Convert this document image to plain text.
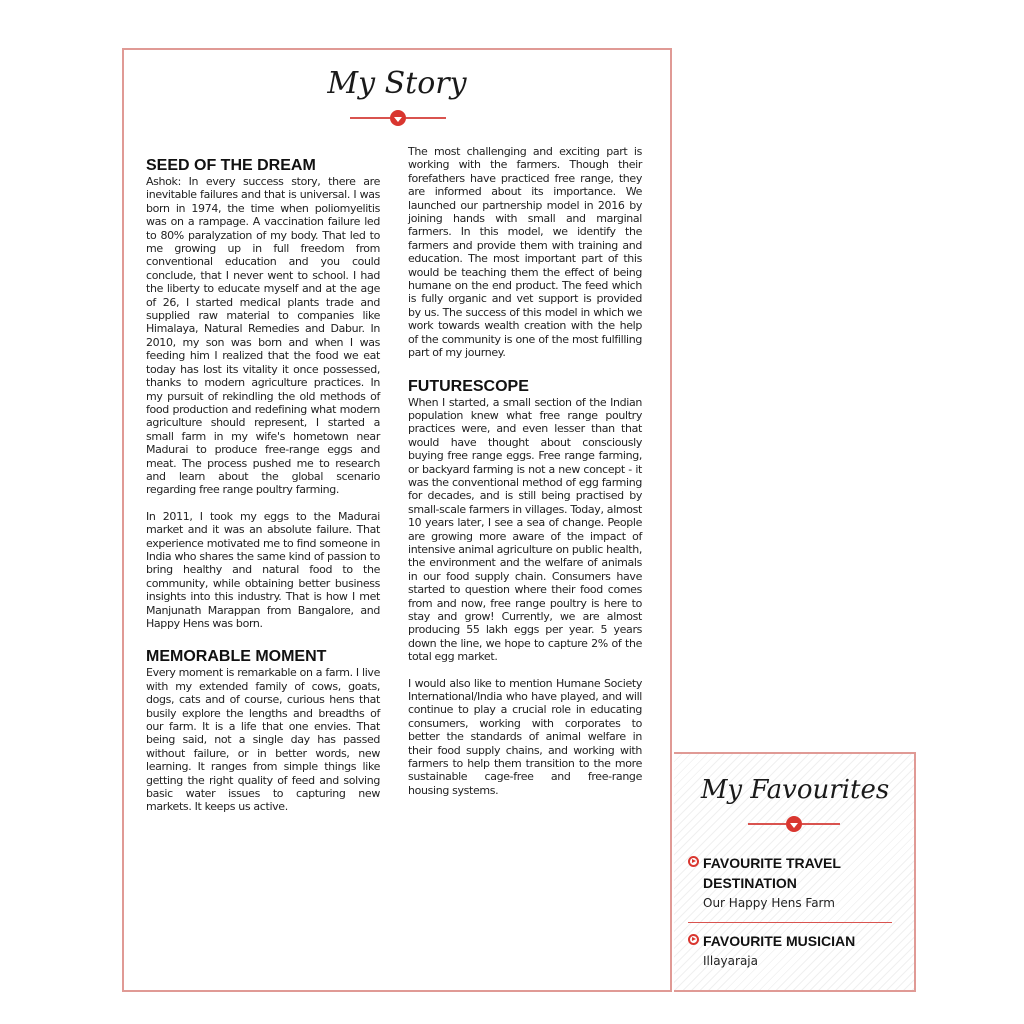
My Story
SEED OF THE DREAM

Ashok: In every success story, there are inevitable failures and that is universal. I was born in 1974, the time when poliomyelitis was on a rampage. A vaccination failure led to 80% paralyzation of my body. That led to me growing up in full freedom from conventional education and you could conclude, that I never went to school. I had the liberty to educate myself and at the age of 26, I started medical plants trade and supplied raw material to companies like Himalaya, Natural Remedies and Dabur. In 2010, my son was born and when I was feeding him I realized that the food we eat today has lost its vitality it once possessed, thanks to modern agriculture practices. In my pursuit of rekindling the old methods of food production and redefining what modern agriculture should represent, I started a small farm in my wife's hometown near Madurai to produce free-range eggs and meat. The process pushed me to research and learn about the global scenario regarding free range poultry farming.

In 2011, I took my eggs to the Madurai market and it was an absolute failure. That experience motivated me to find someone in India who shares the same kind of passion to bring healthy and natural food to the community, while obtaining better business insights into this industry. That is how I met Manjunath Marappan from Bangalore, and Happy Hens was born.

MEMORABLE MOMENT

Every moment is remarkable on a farm. I live with my extended family of cows, goats, dogs, cats and of course, curious hens that busily explore the lengths and breadths of our farm. It is a life that one envies. That being said, not a single day has passed without failure, or in better words, new learning. It ranges from simple things like getting the right quality of feed and solving basic water issues to capturing new markets. It keeps us active.

The most challenging and exciting part is working with the farmers. Though their forefathers have practiced free range, they are informed about its importance. We launched our partnership model in 2016 by joining hands with small and marginal farmers. In this model, we identify the farmers and provide them with training and education. The most important part of this would be teaching them the effect of being humane on the end product. The feed which is fully organic and vet support is provided by us. The success of this model in which we work towards wealth creation with the help of the community is one of the most fulfilling part of my journey.

FUTURESCOPE

When I started, a small section of the Indian population knew what free range poultry practices were, and even lesser than that would have thought about consciously buying free range eggs. Free range farming, or backyard farming is not a new concept - it was the conventional method of egg farming for decades, and is still being practised by small-scale farmers in villages. Today, almost 10 years later, I see a sea of change. People are growing more aware of the impact of intensive animal agriculture on public health, the environment and the welfare of animals in our food supply chain. Consumers have started to question where their food comes from and now, free range poultry is here to stay and grow! Currently, we are almost producing 55 lakh eggs per year. 5 years down the line, we hope to capture 2% of the total egg market.

I would also like to mention Humane Society International/India who have played, and will continue to play a crucial role in educating consumers, working with corporates to better the standards of animal welfare in their food supply chains, and working with farmers to help them transition to the more sustainable cage-free and free-range housing systems.	My Favourites
FAVOURITE TRAVEL DESTINATION
Our Happy Hens Farm
FAVOURITE MUSICIAN
Illayaraja
